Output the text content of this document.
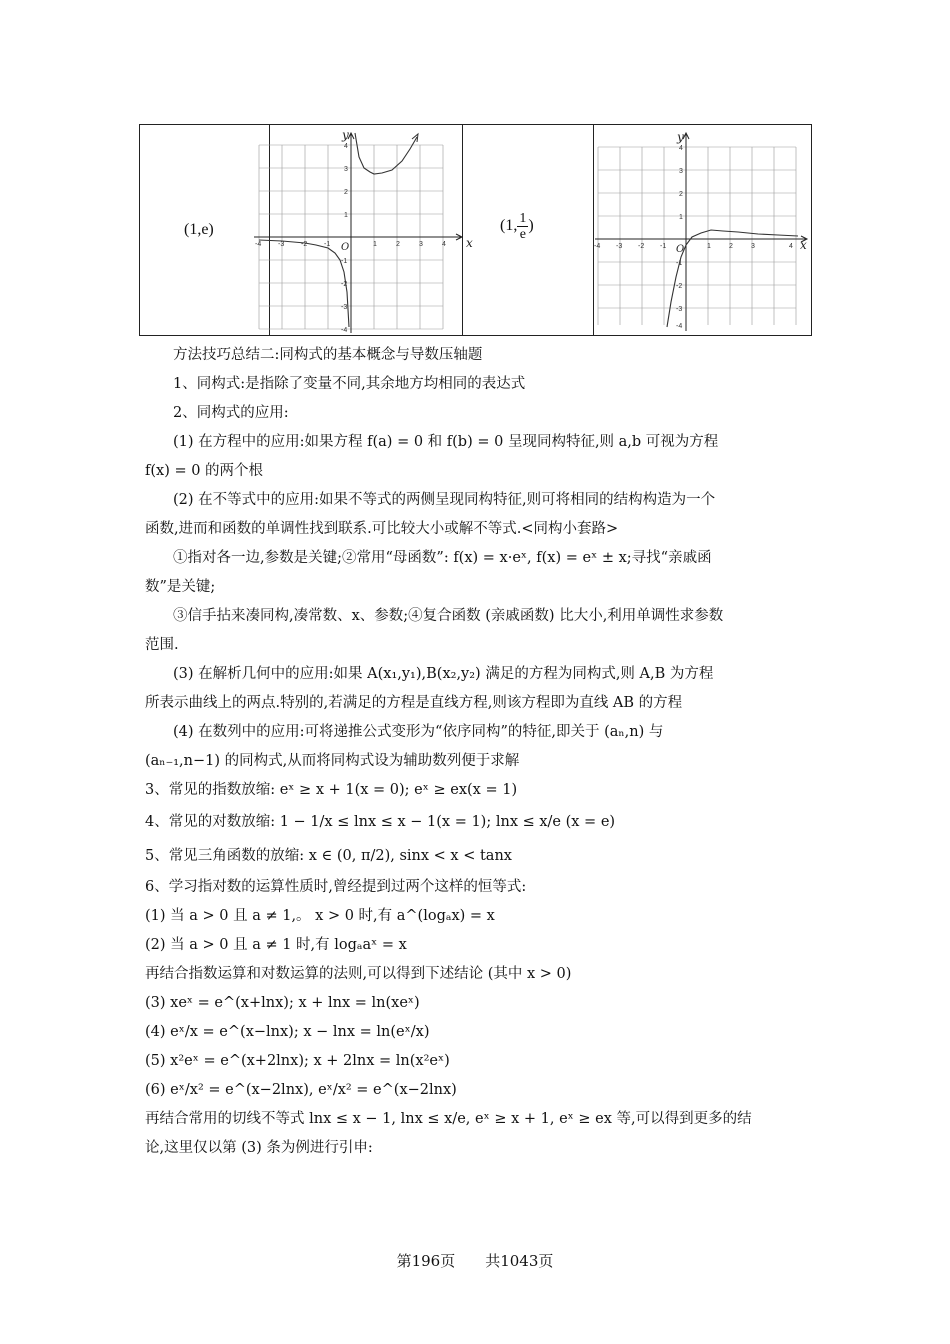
(1,e)	(1, $\frac{1}{e}$ )
-4 -3 -2 -1	1	2	3	4
4
3
2
1
-1
-2
-3
-4
x
y
O	-4 -3 -2 -1	1	2	3	4
4
3
2
1
-1
-2
-3
-4
x
y
O
方法技巧总结二:同构式的基本概念与导数压轴题
1、同构式:是指除了变量不同,其余地方均相同的表达式
2、同构式的应用:
(1) 在方程中的应用:如果方程 f(a) = 0 和 f(b) = 0 呈现同构特征,则 a,b 可视为方程
f(x) = 0 的两个根
(2) 在不等式中的应用:如果不等式的两侧呈现同构特征,则可将相同的结构构造为一个
函数,进而和函数的单调性找到联系.可比较大小或解不等式.<同构小套路>
①指对各一边,参数是关键;②常用“母函数”: f(x) = x·eˣ, f(x) = eˣ ± x;寻找“亲戚函
数”是关键;
③信手拈来凑同构,凑常数、x、参数;④复合函数 (亲戚函数) 比大小,利用单调性求参数
范围.
(3) 在解析几何中的应用:如果 A(x₁,y₁),B(x₂,y₂) 满足的方程为同构式,则 A,B 为方程
所表示曲线上的两点.特别的,若满足的方程是直线方程,则该方程即为直线 AB 的方程
(4) 在数列中的应用:可将递推公式变形为“依序同构”的特征,即关于 (aₙ,n) 与
(aₙ₋₁,n−1) 的同构式,从而将同构式设为辅助数列便于求解
3、常见的指数放缩: eˣ ≥ x + 1(x = 0); eˣ ≥ ex(x = 1)
4、常见的对数放缩: 1 − 1/x ≤ lnx ≤ x − 1(x = 1); lnx ≤ x/e (x = e)
5、常见三角函数的放缩: x ∈ (0, π/2), sinx < x < tanx
6、学习指对数的运算性质时,曾经提到过两个这样的恒等式:
(1) 当 a > 0 且 a ≠ 1,。 x > 0 时,有 a^(logₐx) = x
(2) 当 a > 0 且 a ≠ 1 时,有 logₐaˣ = x
再结合指数运算和对数运算的法则,可以得到下述结论 (其中 x > 0)
(3) xeˣ = e^(x+lnx); x + lnx = ln(xeˣ)
(4) eˣ/x = e^(x−lnx); x − lnx = ln(eˣ/x)
(5) x²eˣ = e^(x+2lnx); x + 2lnx = ln(x²eˣ)
(6) eˣ/x² = e^(x−2lnx), eˣ/x² = e^(x−2lnx)
再结合常用的切线不等式 lnx ≤ x − 1, lnx ≤ x/e, eˣ ≥ x + 1, eˣ ≥ ex 等,可以得到更多的结
论,这里仅以第 (3) 条为例进行引申:
第196页　　共1043页
